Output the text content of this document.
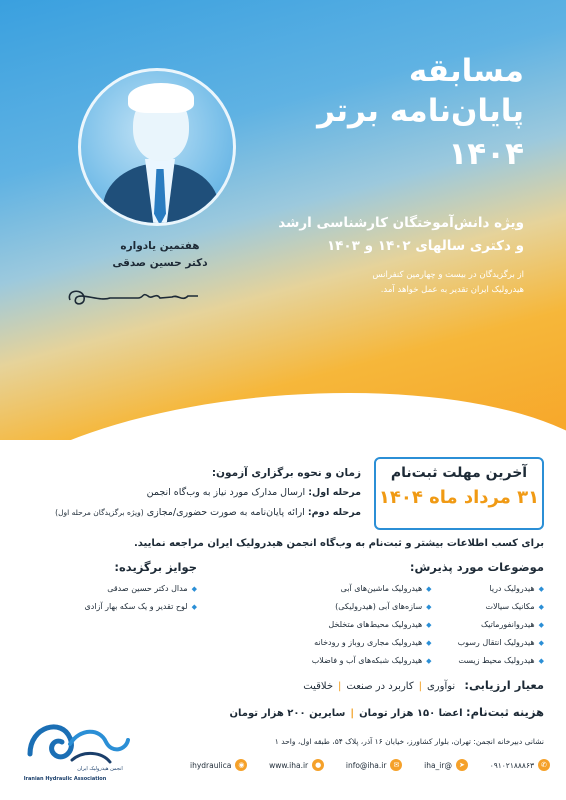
هفتمین یادواره
دکتر حسین صدقی
مسابقه
پایان‌نامه برتر
۱۴۰۴
ویژه دانش‌آموختگان کارشناسی ارشد
و دکتری سالهای ۱۴۰۲ و ۱۴۰۳
از برگزیدگان در بیست و چهارمین کنفرانس
هیدرولیک ایران تقدیر به عمل خواهد آمد.
آخرین مهلت ثبت‌نام
۳۱ مرداد ماه ۱۴۰۴
زمان و نحوه برگزاری آزمون:
مرحله اول: ارسال مدارک مورد نیاز به وب‌گاه انجمن
مرحله دوم: ارائه پایان‌نامه به صورت حضوری/مجازی (ویژه برگزیدگان مرحله اول)
برای کسب اطلاعات بیشتر و ثبت‌نام به وب‌گاه انجمن هیدرولیک ایران مراجعه نمایید.
موضوعات مورد پذیرش:
◆ هیدرولیک دریا
◆ مکانیک سیالات
◆ هیدروانفورماتیک
◆ هیدرولیک انتقال رسوب
◆ هیدرولیک محیط زیست
◆ هیدرولیک ماشین‌های آبی
◆ سازه‌های آبی (هیدرولیکی)
◆ هیدرولیک محیط‌های متخلخل
◆ هیدرولیک مجاری روباز و رودخانه
◆ هیدرولیک شبکه‌های آب و فاضلاب
جوایز برگزیده:
◆ مدال دکتر حسین صدقی
◆ لوح تقدیر و یک سکه بهار آزادی
معیار ارزیابی: نوآوری|کاربرد در صنعت|خلاقیت
هزینه ثبت‌نام: اعضا ۱۵۰ هزار تومان|سایرین ۲۰۰ هزار تومان
نشانی دبیرخانه انجمن: تهران، بلوار کشاورز، خیابان ۱۶ آذر، پلاک ۵۴، طبقه اول، واحد ۱
انجمن هیدرولیک ایران
Iranian Hydraulic Association
✆
۰۹۱۰۲۱۸۸۸۶۳
➤
@iha_ir
✉
info@iha.ir
●
www.iha.ir
◉
ihydraulica
